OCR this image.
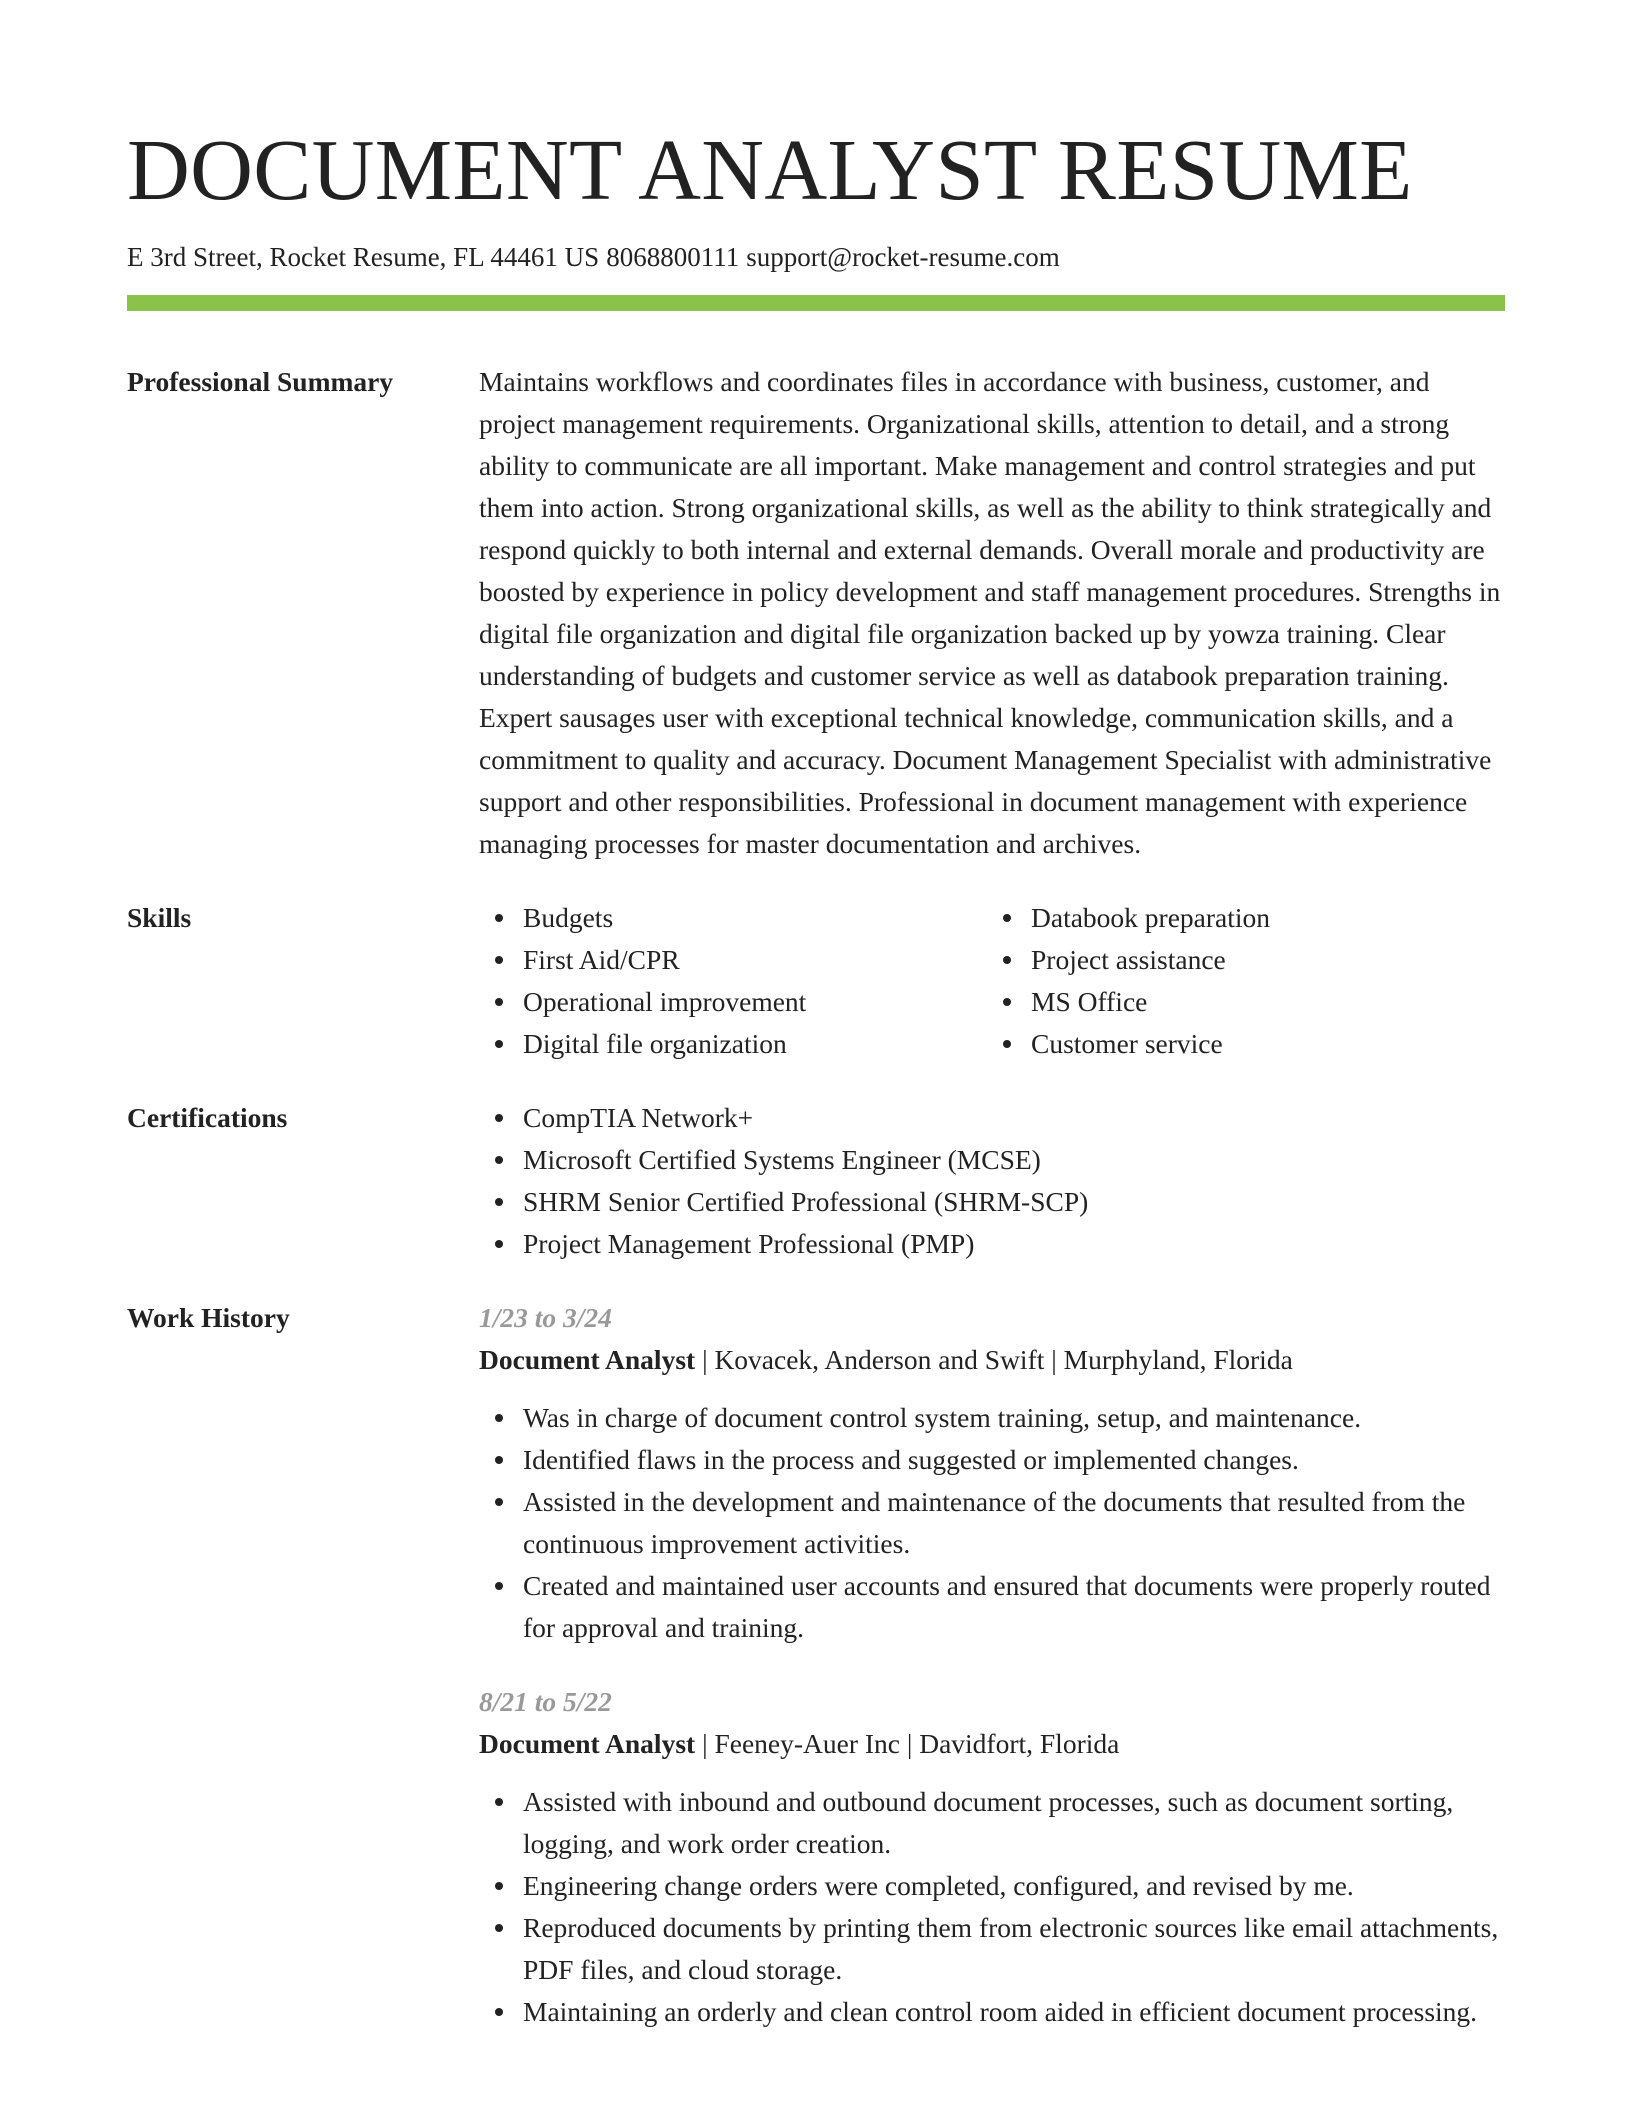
DOCUMENT ANALYST RESUME
E 3rd Street, Rocket Resume, FL 44461 US 8068800111 support@rocket-resume.com
Professional Summary	Maintains workflows and coordinates files in accordance with business, customer, and project management requirements. Organizational skills, attention to detail, and a strong ability to communicate are all important. Make management and control strategies and put them into action. Strong organizational skills, as well as the ability to think strategically and respond quickly to both internal and external demands. Overall morale and productivity are boosted by experience in policy development and staff management procedures. Strengths in digital file organization and digital file organization backed up by yowza training. Clear understanding of budgets and customer service as well as databook preparation training. Expert sausages user with exceptional technical knowledge, communication skills, and a commitment to quality and accuracy. Document Management Specialist with administrative support and other responsibilities. Professional in document management with experience managing processes for master documentation and archives.
Skills	Budgets
First Aid/CPR
Operational improvement
Digital file organization
Databook preparation
Project assistance
MS Office
Customer service
Certifications	CompTIA Network+
Microsoft Certified Systems Engineer (MCSE)
SHRM Senior Certified Professional (SHRM-SCP)
Project Management Professional (PMP)
Work History	1/23 to 3/24
Document Analyst | Kovacek, Anderson and Swift | Murphyland, Florida
Was in charge of document control system training, setup, and maintenance.
Identified flaws in the process and suggested or implemented changes.
Assisted in the development and maintenance of the documents that resulted from the continuous improvement activities.
Created and maintained user accounts and ensured that documents were properly routed for approval and training.
8/21 to 5/22
Document Analyst | Feeney-Auer Inc | Davidfort, Florida
Assisted with inbound and outbound document processes, such as document sorting, logging, and work order creation.
Engineering change orders were completed, configured, and revised by me.
Reproduced documents by printing them from electronic sources like email attachments, PDF files, and cloud storage.
Maintaining an orderly and clean control room aided in efficient document processing.
